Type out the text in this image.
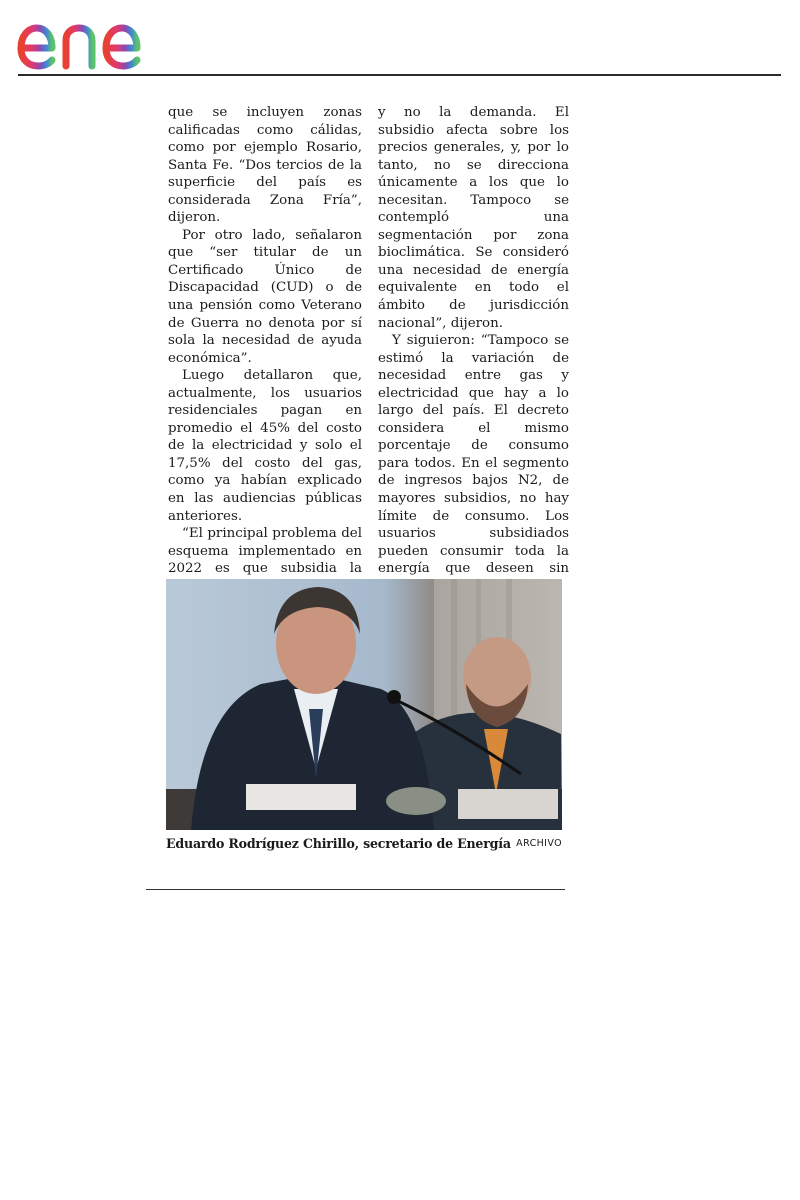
que se incluyen zonas calificadas como cálidas, como por ejemplo Rosario, Santa Fe. “Dos tercios de la superficie del país es considerada Zona Fría”, dijeron.

Por otro lado, señalaron que “ser titular de un Certificado Único de Discapacidad (CUD) o de una pensión como Veterano de Guerra no denota por sí sola la necesidad de ayuda económica”.

Luego detallaron que, actualmente, los usuarios residenciales pagan en promedio el 45% del costo de la electricidad y solo el 17,5% del costo del gas, como ya habían explicado en las audiencias públicas anteriores.

“El principal problema del esquema implementado en 2022 es que subsidia la

y no la demanda. El subsidio afecta sobre los precios generales, y, por lo tanto, no se direcciona únicamente a los que lo necesitan. Tampoco se contempló una segmentación por zona bioclimática. Se consideró una necesidad de energía equivalente en todo el ámbito de jurisdicción nacional”, dijeron.

Y siguieron: “Tampoco se estimó la variación de necesidad entre gas y electricidad que hay a lo largo del país. El decreto considera el mismo porcentaje de consumo para todos. En el segmento de ingresos bajos N2, de mayores subsidios, no hay límite de consumo. Los usuarios subsidiados pueden consumir toda la energía que deseen sin

Eduardo Rodríguez Chirillo, secretario de Energía ARCHIVO
